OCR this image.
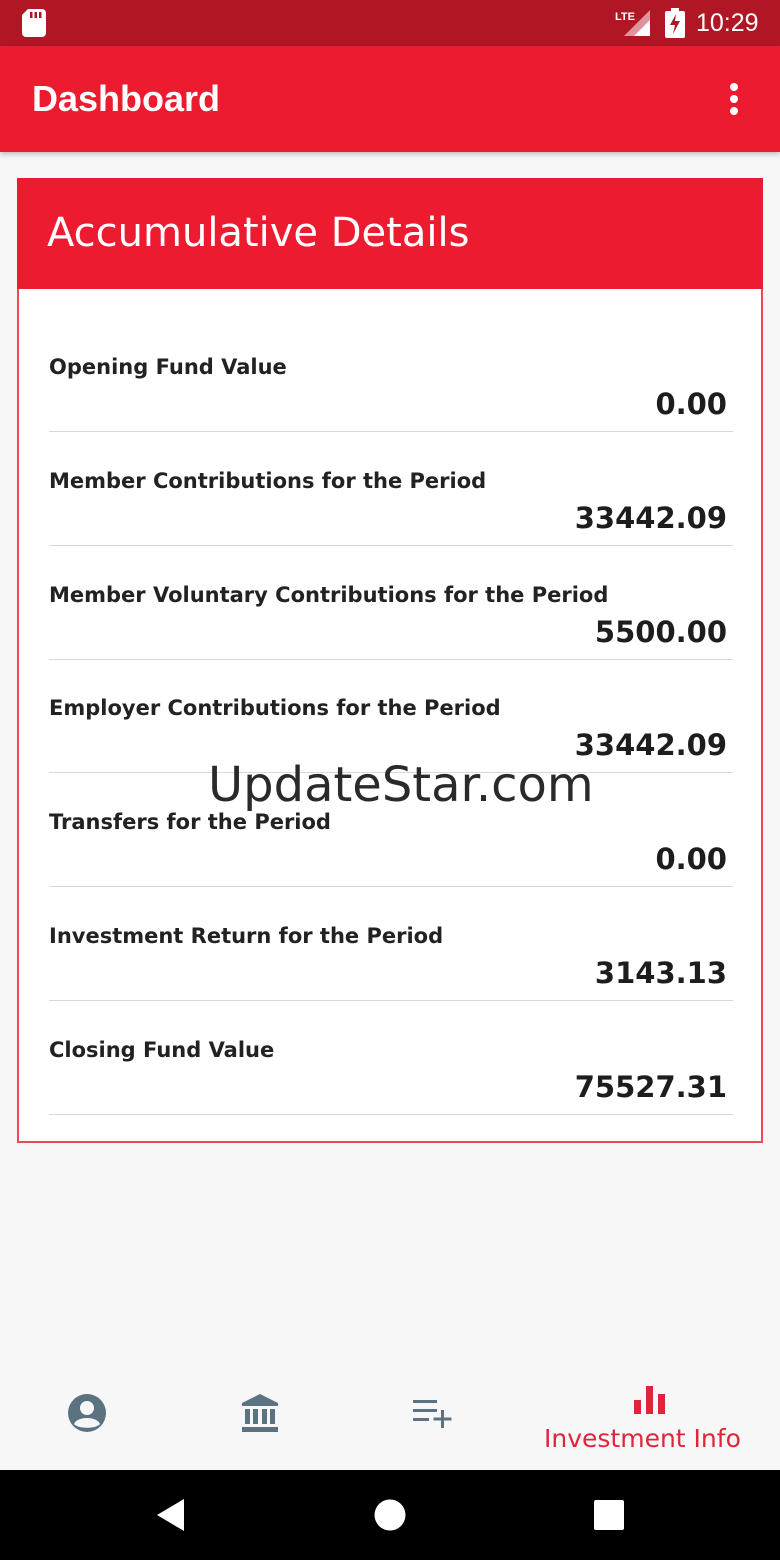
LTE 10:29
Dashboard
Accumulative Details
Opening Fund Value
0.00
Member Contributions for the Period
33442.09
Member Voluntary Contributions for the Period
5500.00
Employer Contributions for the Period
33442.09
Transfers for the Period
0.00
Investment Return for the Period
3143.13
Closing Fund Value
75527.31
UpdateStar.com
Investment Info
